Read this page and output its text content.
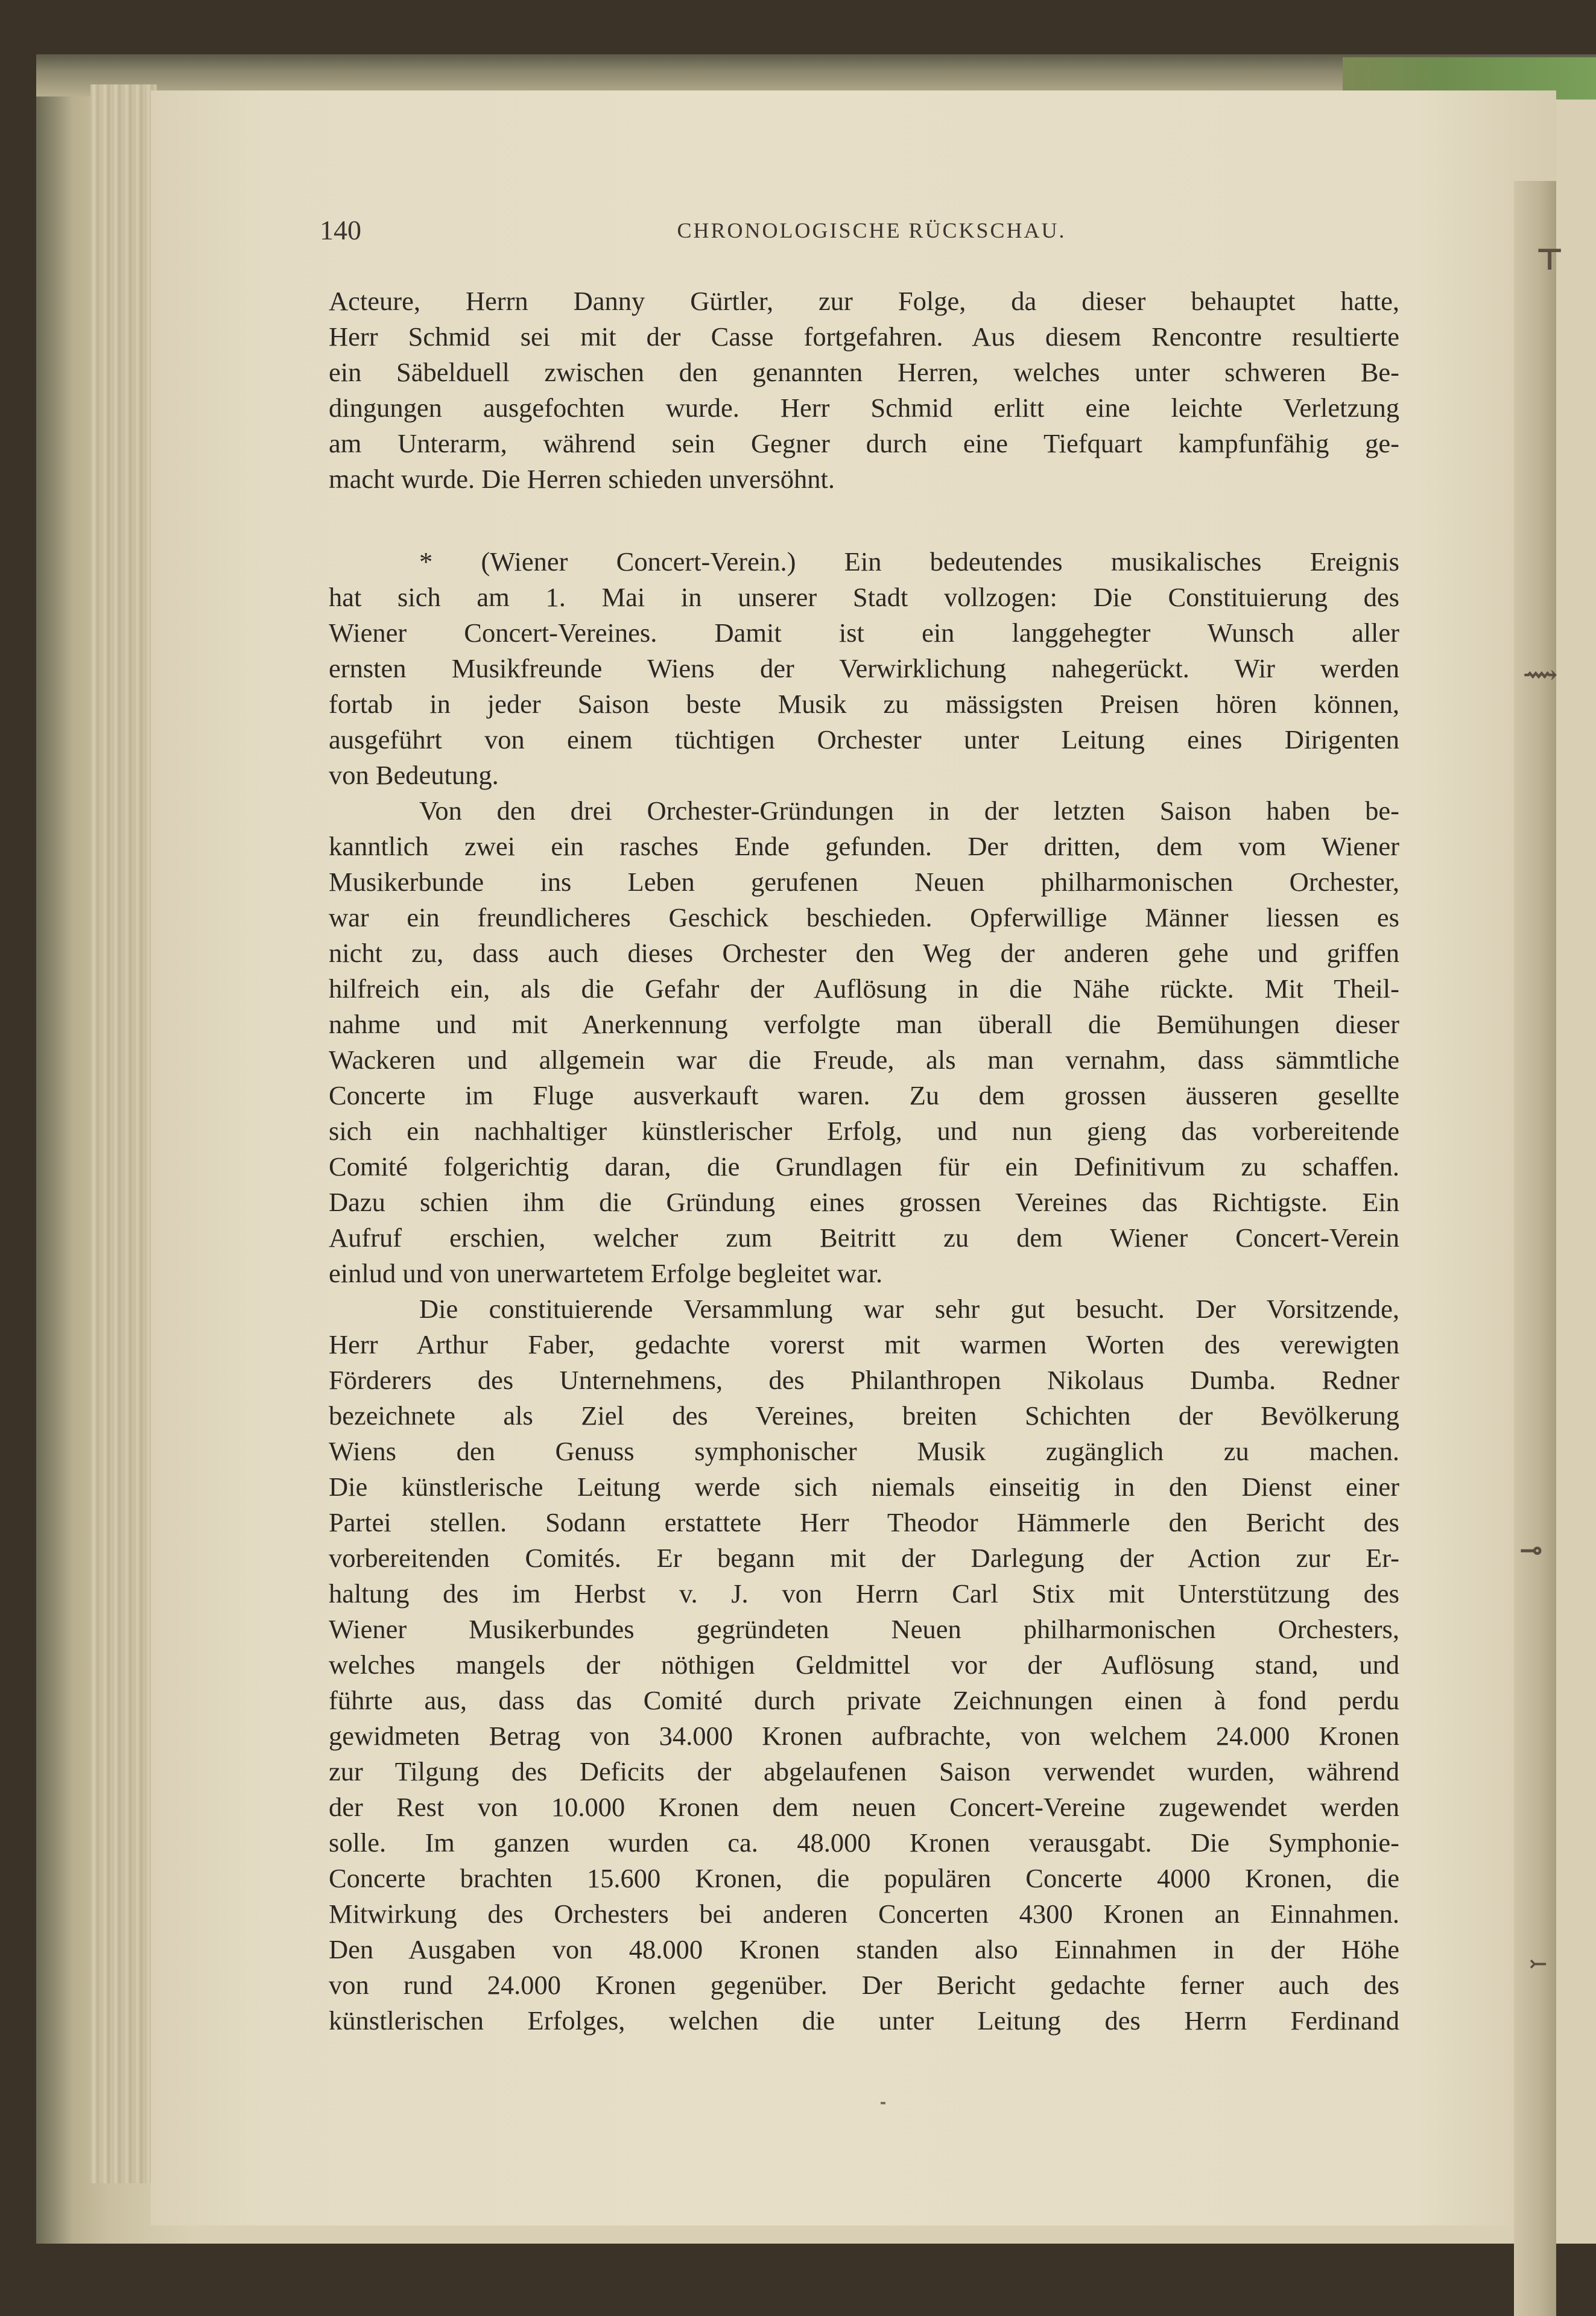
⊤
⟿
⊸
⤚
140	CHRONOLOGISCHE RÜCKSCHAU.
Acteure, Herrn Danny Gürtler, zur Folge, da dieser behauptet hatte,
Herr Schmid sei mit der Casse fortgefahren. Aus diesem Rencontre resultierte
ein Säbelduell zwischen den genannten Herren, welches unter schweren Be-
dingungen ausgefochten wurde. Herr Schmid erlitt eine leichte Verletzung
am Unterarm, während sein Gegner durch eine Tiefquart kampfunfähig ge-
macht wurde. Die Herren schieden unversöhnt.
* (Wiener Concert-Verein.) Ein bedeutendes musikalisches Ereignis
hat sich am 1. Mai in unserer Stadt vollzogen: Die Constituierung des
Wiener Concert-Vereines. Damit ist ein langgehegter Wunsch aller
ernsten Musikfreunde Wiens der Verwirklichung nahegerückt. Wir werden
fortab in jeder Saison beste Musik zu mässigsten Preisen hören können,
ausgeführt von einem tüchtigen Orchester unter Leitung eines Dirigenten
von Bedeutung.
Von den drei Orchester-Gründungen in der letzten Saison haben be-
kanntlich zwei ein rasches Ende gefunden. Der dritten, dem vom Wiener
Musikerbunde ins Leben gerufenen Neuen philharmonischen Orchester,
war ein freundlicheres Geschick beschieden. Opferwillige Männer liessen es
nicht zu, dass auch dieses Orchester den Weg der anderen gehe und griffen
hilfreich ein, als die Gefahr der Auflösung in die Nähe rückte. Mit Theil-
nahme und mit Anerkennung verfolgte man überall die Bemühungen dieser
Wackeren und allgemein war die Freude, als man vernahm, dass sämmtliche
Concerte im Fluge ausverkauft waren. Zu dem grossen äusseren gesellte
sich ein nachhaltiger künstlerischer Erfolg, und nun gieng das vorbereitende
Comité folgerichtig daran, die Grundlagen für ein Definitivum zu schaffen.
Dazu schien ihm die Gründung eines grossen Vereines das Richtigste. Ein
Aufruf erschien, welcher zum Beitritt zu dem Wiener Concert-Verein
einlud und von unerwartetem Erfolge begleitet war.
Die constituierende Versammlung war sehr gut besucht. Der Vorsitzende,
Herr Arthur Faber, gedachte vorerst mit warmen Worten des verewigten
Förderers des Unternehmens, des Philanthropen Nikolaus Dumba. Redner
bezeichnete als Ziel des Vereines, breiten Schichten der Bevölkerung
Wiens den Genuss symphonischer Musik zugänglich zu machen.
Die künstlerische Leitung werde sich niemals einseitig in den Dienst einer
Partei stellen. Sodann erstattete Herr Theodor Hämmerle den Bericht des
vorbereitenden Comités. Er begann mit der Darlegung der Action zur Er-
haltung des im Herbst v. J. von Herrn Carl Stix mit Unterstützung des
Wiener Musikerbundes gegründeten Neuen philharmonischen Orchesters,
welches mangels der nöthigen Geldmittel vor der Auflösung stand, und
führte aus, dass das Comité durch private Zeichnungen einen à fond perdu
gewidmeten Betrag von 34.000 Kronen aufbrachte, von welchem 24.000 Kronen
zur Tilgung des Deficits der abgelaufenen Saison verwendet wurden, während
der Rest von 10.000 Kronen dem neuen Concert-Vereine zugewendet werden
solle. Im ganzen wurden ca. 48.000 Kronen verausgabt. Die Symphonie-
Concerte brachten 15.600 Kronen, die populären Concerte 4000 Kronen, die
Mitwirkung des Orchesters bei anderen Concerten 4300 Kronen an Einnahmen.
Den Ausgaben von 48.000 Kronen standen also Einnahmen in der Höhe
von rund 24.000 Kronen gegenüber. Der Bericht gedachte ferner auch des
künstlerischen Erfolges, welchen die unter Leitung des Herrn Ferdinand
